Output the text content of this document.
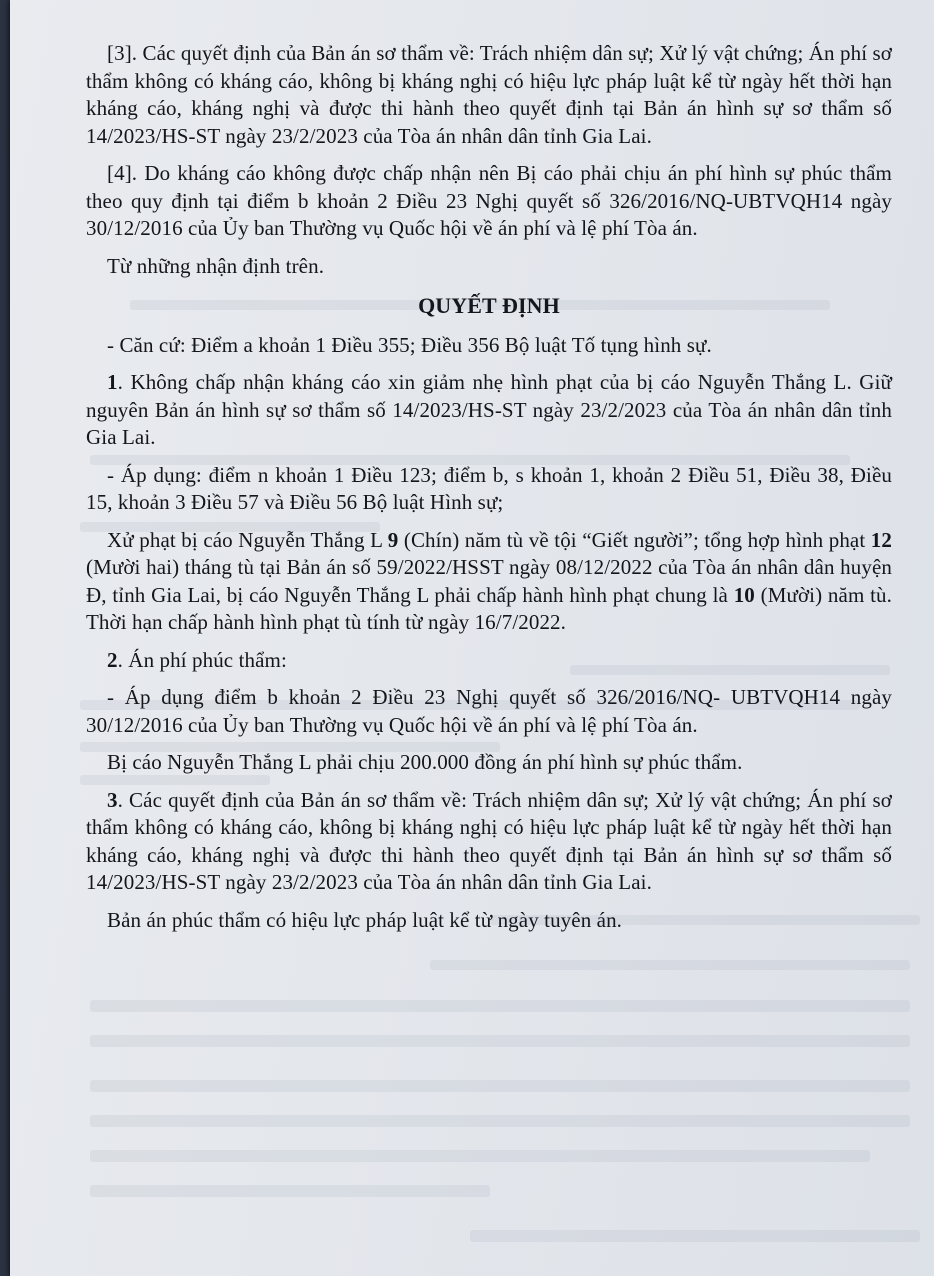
[3]. Các quyết định của Bản án sơ thẩm về: Trách nhiệm dân sự; Xử lý vật chứng; Án phí sơ thẩm không có kháng cáo, không bị kháng nghị có hiệu lực pháp luật kể từ ngày hết thời hạn kháng cáo, kháng nghị và được thi hành theo quyết định tại Bản án hình sự sơ thẩm số 14/2023/HS-ST ngày 23/2/2023 của Tòa án nhân dân tỉnh Gia Lai.

[4]. Do kháng cáo không được chấp nhận nên Bị cáo phải chịu án phí hình sự phúc thẩm theo quy định tại điểm b khoản 2 Điều 23 Nghị quyết số 326/2016/NQ-UBTVQH14 ngày 30/12/2016 của Ủy ban Thường vụ Quốc hội về án phí và lệ phí Tòa án.

Từ những nhận định trên.

QUYẾT ĐỊNH

- Căn cứ: Điểm a khoản 1 Điều 355; Điều 356 Bộ luật Tố tụng hình sự.

1. Không chấp nhận kháng cáo xin giảm nhẹ hình phạt của bị cáo Nguyễn Thắng L. Giữ nguyên Bản án hình sự sơ thẩm số 14/2023/HS-ST ngày 23/2/2023 của Tòa án nhân dân tỉnh Gia Lai.

- Áp dụng: điểm n khoản 1 Điều 123; điểm b, s khoản 1, khoản 2 Điều 51, Điều 38, Điều 15, khoản 3 Điều 57 và Điều 56 Bộ luật Hình sự;

Xử phạt bị cáo Nguyễn Thắng L 9 (Chín) năm tù về tội “Giết người”; tổng hợp hình phạt 12 (Mười hai) tháng tù tại Bản án số 59/2022/HSST ngày 08/12/2022 của Tòa án nhân dân huyện Đ, tỉnh Gia Lai, bị cáo Nguyễn Thắng L phải chấp hành hình phạt chung là 10 (Mười) năm tù. Thời hạn chấp hành hình phạt tù tính từ ngày 16/7/2022.

2. Án phí phúc thẩm:

- Áp dụng điểm b khoản 2 Điều 23 Nghị quyết số 326/2016/NQ- UBTVQH14 ngày 30/12/2016 của Ủy ban Thường vụ Quốc hội về án phí và lệ phí Tòa án.

Bị cáo Nguyễn Thắng L phải chịu 200.000 đồng án phí hình sự phúc thẩm.

3. Các quyết định của Bản án sơ thẩm về: Trách nhiệm dân sự; Xử lý vật chứng; Án phí sơ thẩm không có kháng cáo, không bị kháng nghị có hiệu lực pháp luật kể từ ngày hết thời hạn kháng cáo, kháng nghị và được thi hành theo quyết định tại Bản án hình sự sơ thẩm số 14/2023/HS-ST ngày 23/2/2023 của Tòa án nhân dân tỉnh Gia Lai.

Bản án phúc thẩm có hiệu lực pháp luật kể từ ngày tuyên án.
